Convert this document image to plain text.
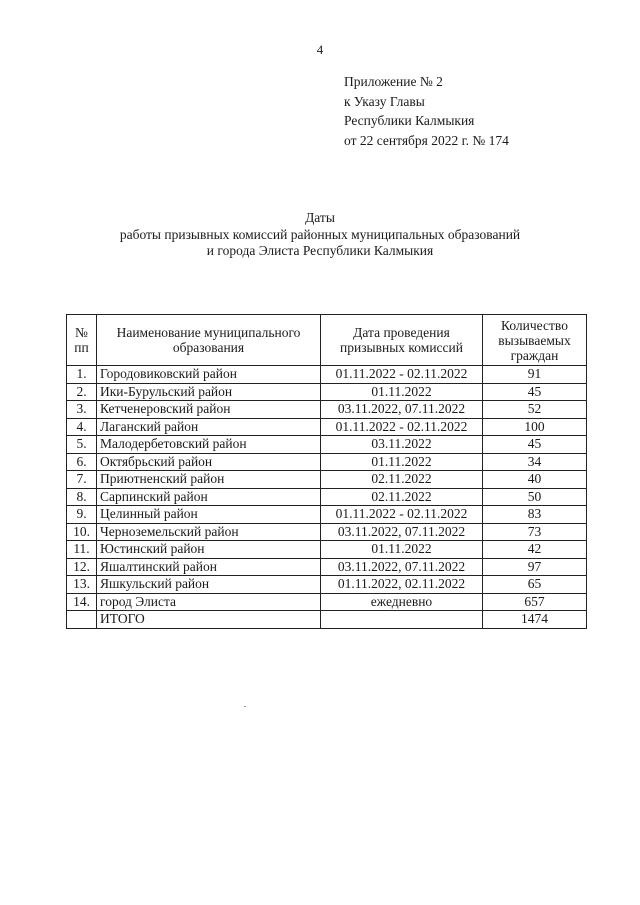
4
Приложение № 2
к Указу Главы
Республики Калмыкия
от 22 сентября 2022 г. № 174
Даты
работы призывных комиссий районных муниципальных образований
и города Элиста Республики Калмыкия
№ пп	Наименование муниципального образования	Дата проведения призывных комиссий	Количество вызываемых граждан
1.	Городовиковский район	01.11.2022 - 02.11.2022	91
2.	Ики-Бурульский район	01.11.2022	45
3.	Кетченеровский район	03.11.2022, 07.11.2022	52
4.	Лаганский район	01.11.2022 - 02.11.2022	100
5.	Малодербетовский район	03.11.2022	45
6.	Октябрьский район	01.11.2022	34
7.	Приютненский район	02.11.2022	40
8.	Сарпинский район	02.11.2022	50
9.	Целинный район	01.11.2022 - 02.11.2022	83
10.	Черноземельский район	03.11.2022, 07.11.2022	73
11.	Юстинский район	01.11.2022	42
12.	Яшалтинский район	03.11.2022, 07.11.2022	97
13.	Яшкульский район	01.11.2022, 02.11.2022	65
14.	город Элиста	ежедневно	657
	ИТОГО		1474
